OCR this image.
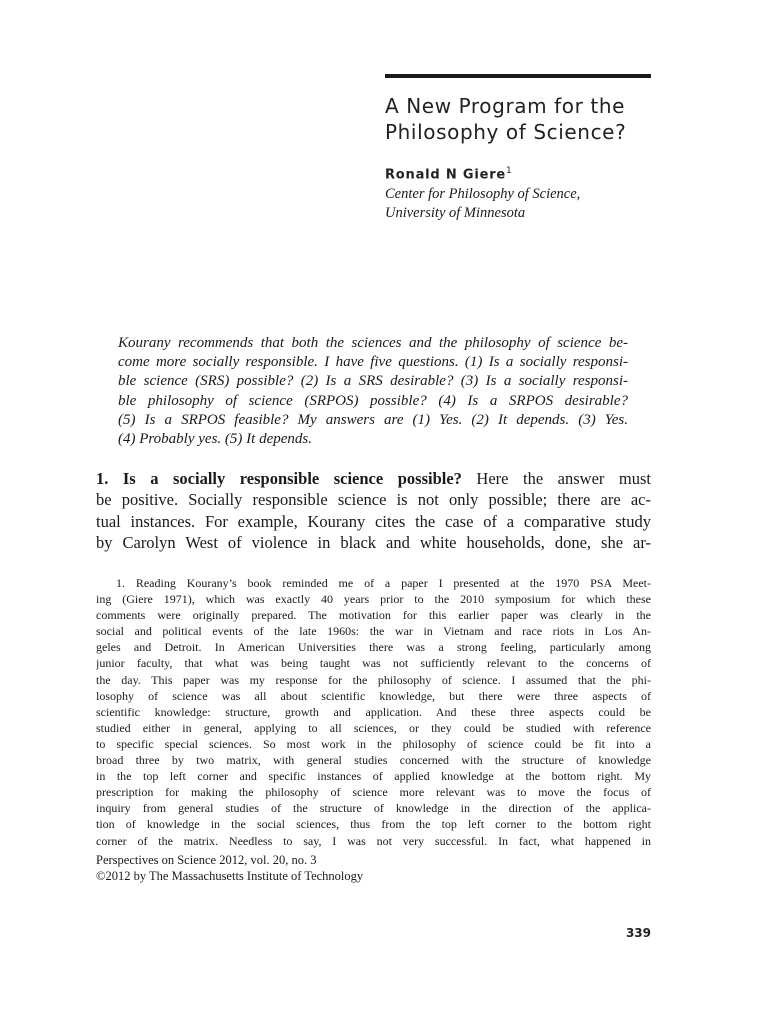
A New Program for the
Philosophy of Science?
Ronald N Giere$^1$
Center for Philosophy of Science,
University of Minnesota
Kourany recommends that both the sciences and the philosophy of science be-
come more socially responsible. I have five questions. (1) Is a socially responsi-
ble science (SRS) possible? (2) Is a SRS desirable? (3) Is a socially responsi-
ble philosophy of science (SRPOS) possible? (4) Is a SRPOS desirable?
(5) Is a SRPOS feasible? My answers are (1) Yes. (2) It depends. (3) Yes.
(4) Probably yes. (5) It depends.
1. Is a socially responsible science possible? Here the answer must
be positive. Socially responsible science is not only possible; there are ac-
tual instances. For example, Kourany cites the case of a comparative study
by Carolyn West of violence in black and white households, done, she ar-
1. Reading Kourany’s book reminded me of a paper I presented at the 1970 PSA Meet-
ing (Giere 1971), which was exactly 40 years prior to the 2010 symposium for which these
comments were originally prepared. The motivation for this earlier paper was clearly in the
social and political events of the late 1960s: the war in Vietnam and race riots in Los An-
geles and Detroit. In American Universities there was a strong feeling, particularly among
junior faculty, that what was being taught was not sufficiently relevant to the concerns of
the day. This paper was my response for the philosophy of science. I assumed that the phi-
losophy of science was all about scientific knowledge, but there were three aspects of
scientific knowledge: structure, growth and application. And these three aspects could be
studied either in general, applying to all sciences, or they could be studied with reference
to specific special sciences. So most work in the philosophy of science could be fit into a
broad three by two matrix, with general studies concerned with the structure of knowledge
in the top left corner and specific instances of applied knowledge at the bottom right. My
prescription for making the philosophy of science more relevant was to move the focus of
inquiry from general studies of the structure of knowledge in the direction of the applica-
tion of knowledge in the social sciences, thus from the top left corner to the bottom right
corner of the matrix. Needless to say, I was not very successful. In fact, what happened in
Perspectives on Science 2012, vol. 20, no. 3
©2012 by The Massachusetts Institute of Technology
339
